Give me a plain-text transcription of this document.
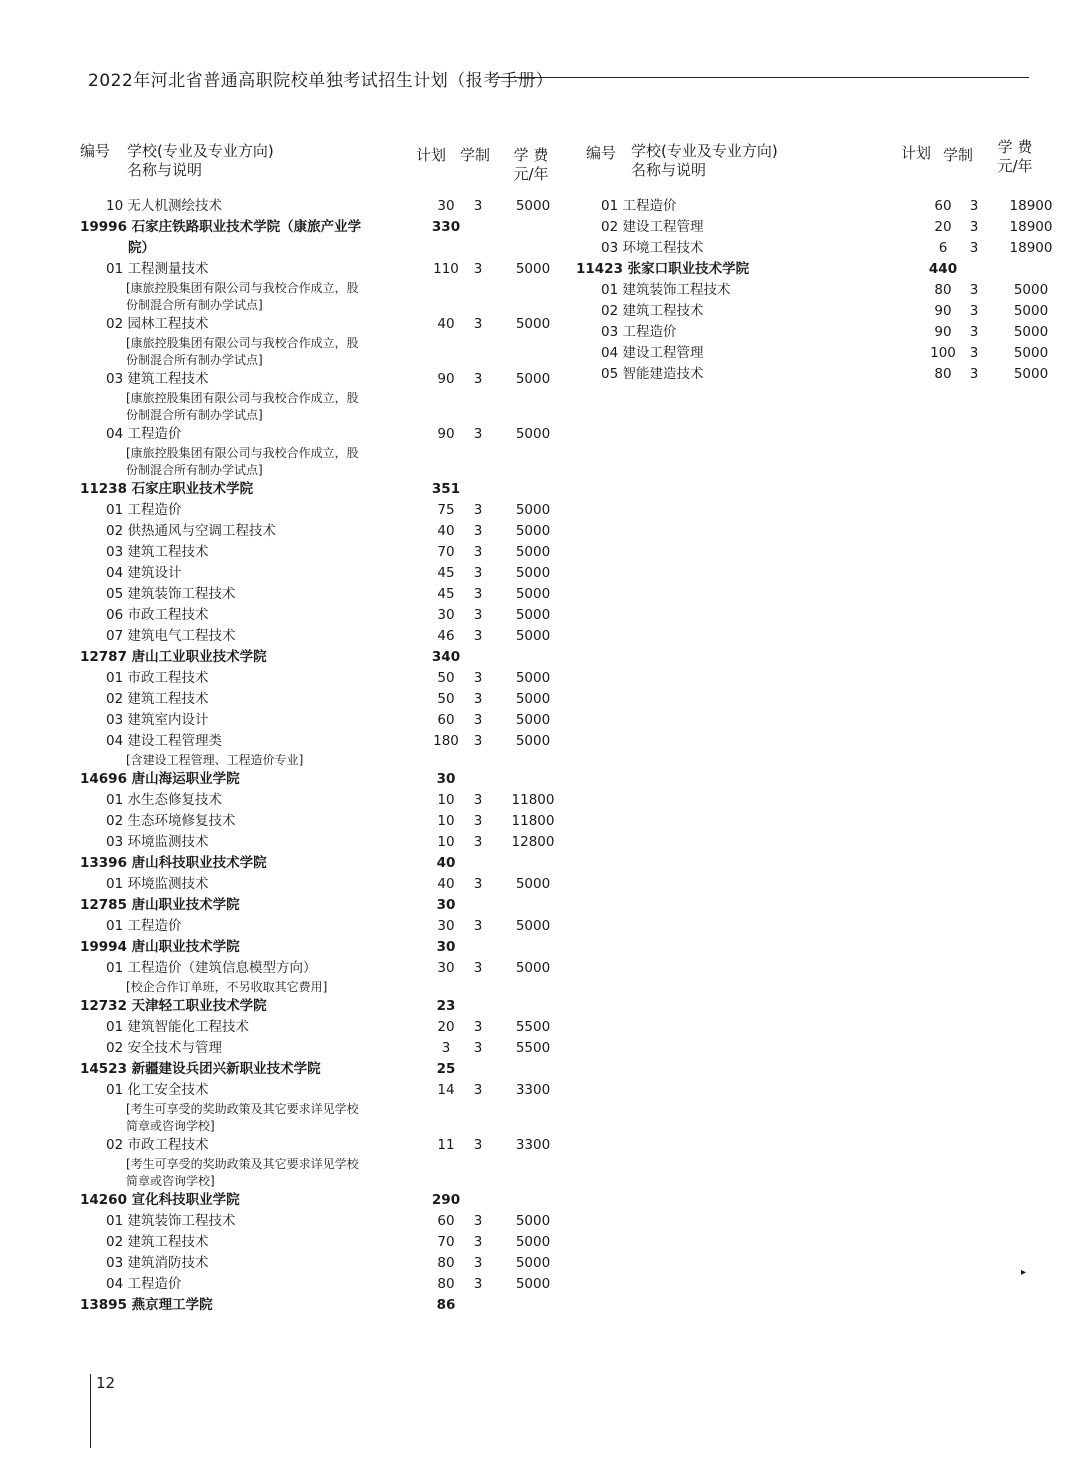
2022年河北省普通高职院校单独考试招生计划（报考手册）
编号 学校(专业及专业方向)
名称与说明
计划 学制	学 费
元/年
编号 学校(专业及专业方向)
名称与说明
计划 学制	学 费
元/年
10 无人机测绘技术	30	3	5000
19996 石家庄铁路职业技术学院（康旅产业学
院）
330
01 工程测量技术
[康旅控股集团有限公司与我校合作成立，股
份制混合所有制办学试点]
110	3	5000
02 园林工程技术
[康旅控股集团有限公司与我校合作成立，股
份制混合所有制办学试点]
40	3	5000
03 建筑工程技术
[康旅控股集团有限公司与我校合作成立，股
份制混合所有制办学试点]
90	3	5000
04 工程造价
[康旅控股集团有限公司与我校合作成立，股
份制混合所有制办学试点]
90	3	5000
11238 石家庄职业技术学院	351
01 工程造价	75	3	5000
02 供热通风与空调工程技术	40	3	5000
03 建筑工程技术	70	3	5000
04 建筑设计	45	3	5000
05 建筑装饰工程技术	45	3	5000
06 市政工程技术	30	3	5000
07 建筑电气工程技术	46	3	5000
12787 唐山工业职业技术学院	340
01 市政工程技术	50	3	5000
02 建筑工程技术	50	3	5000
03 建筑室内设计	60	3	5000
04 建设工程管理类
[含建设工程管理、工程造价专业]
180	3	5000
14696 唐山海运职业学院	30
01 水生态修复技术	10	3	11800
02 生态环境修复技术	10	3	11800
03 环境监测技术	10	3	12800
13396 唐山科技职业技术学院	40
01 环境监测技术	40	3	5000
12785 唐山职业技术学院	30
01 工程造价	30	3	5000
19994 唐山职业技术学院	30
01 工程造价（建筑信息模型方向）
[校企合作订单班，不另收取其它费用]
30	3	5000
12732 天津轻工职业技术学院	23
01 建筑智能化工程技术	20	3	5500
02 安全技术与管理	3	3	5500
14523 新疆建设兵团兴新职业技术学院	25
01 化工安全技术
[考生可享受的奖助政策及其它要求详见学校
简章或咨询学校]
14	3	3300
02 市政工程技术
[考生可享受的奖助政策及其它要求详见学校
简章或咨询学校]
11	3	3300
14260 宣化科技职业学院	290
01 建筑装饰工程技术	60	3	5000
02 建筑工程技术	70	3	5000
03 建筑消防技术	80	3	5000
04 工程造价	80	3	5000
13895 燕京理工学院	86
01 工程造价	60	3	18900
02 建设工程管理	20	3	18900
03 环境工程技术	6	3	18900
11423 张家口职业技术学院	440
01 建筑装饰工程技术	80	3	5000
02 建筑工程技术	90	3	5000
03 工程造价	90	3	5000
04 建设工程管理	100	3	5000
05 智能建造技术	80	3	5000
12
▸
